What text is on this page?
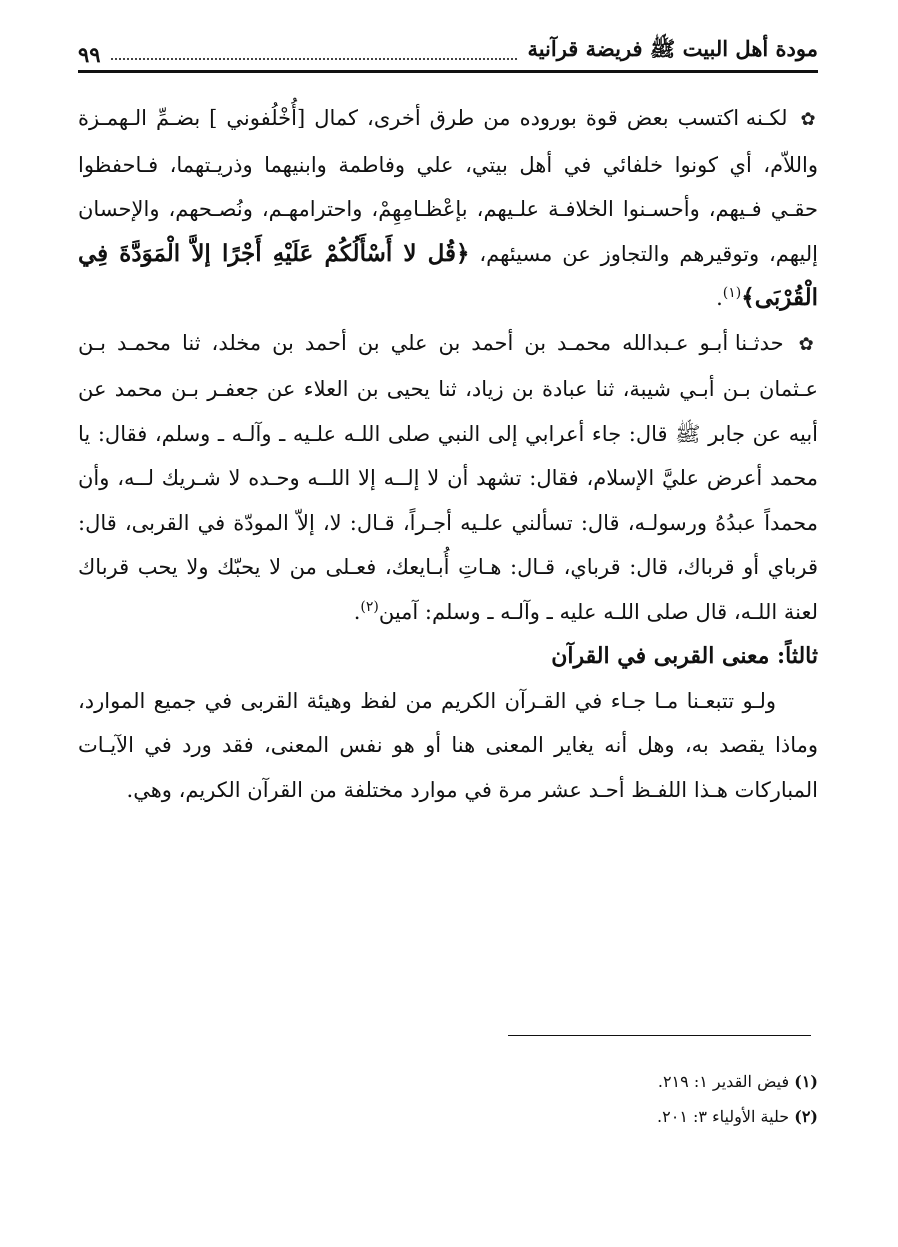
مودة أهل البيت ﷺ فريضة قرآنية
٩٩

✿ لكـنه اكتسب بعض قوة بوروده من طرق أخرى، كمال [أُخْلُفوني ] بضـمِّ الـهمـزة واللاّم، أي كونوا خلفائي في أهل بيتي، علي وفاطمة وابنيهما وذريـتهما، فـاحفظوا حقـي فـيهم، وأحسـنوا الخلافـة علـيهم، بإعْظـامِهِمْ، واحترامهـم، ونُصـحهم، والإحسان إليهم، وتوقيرهم والتجاوز عن مسيئهم، ﴿قُل لا أَسْأَلُكُمْ عَلَيْهِ أَجْرًا إلاَّ الْمَوَدَّةَ فِي الْقُرْبَى﴾$^{(١)}$.

✿ حدثـنا أبـو عـبدالله محمـد بن أحمد بن علي بن أحمد بن مخلد، ثنا محمـد بـن عـثمان بـن أبـي شيبة، ثنا عبادة بن زياد، ثنا يحيى بن العلاء عن جعفـر بـن محمد عن أبيه عن جابر ﷺ قال: جاء أعرابي إلى النبي صلى اللـه علـيه ـ وآلـه ـ وسلم، فقال: يا محمد أعرض عليَّ الإسلام، فقال: تشهد أن لا إلــه إلا اللــه وحـده لا شـريك لــه، وأن محمداً عبدُهُ ورسولـه، قال: تسألني علـيه أجـراً، قـال: لا، إلاّ المودّة في القربى، قال: قرباي أو قرباك، قال: قرباي، قـال: هـاتِ أُبـايعك، فعـلى من لا يحبّك ولا يحب قرباك لعنة اللـه، قال صلى اللـه عليه ـ وآلـه ـ وسلم: آمين$^{(٢)}$.

ثالثاً: معنى القربى في القرآن

ولـو تتبعـنا مـا جـاء في القـرآن الكريم من لفظ وهيئة القربى في جميع الموارد، وماذا يقصد به، وهل أنه يغاير المعنى هنا أو هو نفس المعنى، فقد ورد في الآيـات المباركات هـذا اللفـظ أحـد عشر مرة في موارد مختلفة من القرآن الكريم، وهي.

(١) فيض القدير ١: ٢١٩.

(٢) حلية الأولياء ٣: ٢٠١.
